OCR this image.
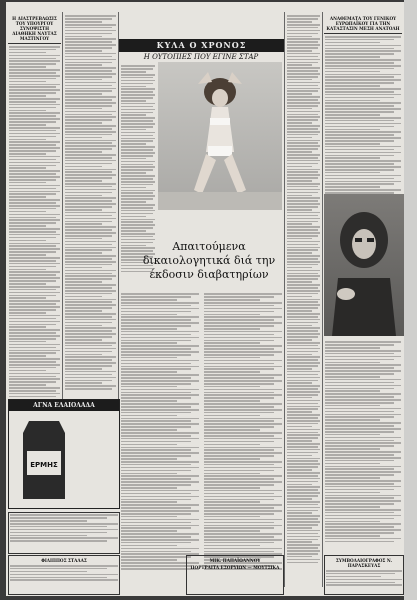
Η ΔΙΑΣΤΡΕΒΛΩΣΙΣ ΤΟΥ ΥΠΟΥΡΓΟΥ ΣΥΝΟΨΙΣΤΗ ΔΙΑΘΗΚΗ ΝΑΥΤΑΣ ΜΑΣΤΙΝΓΟΥ
ΚΥΛΑ Ο ΧΡΟΝΟΣ
Η ΟΥΤΟΠΙΕΣ ΠΟΥ ΕΓΙΝΕ ΣΤΑΡ
Απαιτούμενα δικαιολογητικά διά την έκδοσιν διαβατηρίων
ΑΝΑΘΕΜΑΤΑ ΤΟΥ ΓΕΝΙΚΟΥ ΕΥΡΩΠΑΪΚΟΥ ΓΙΑ ΤΗΝ ΚΑΤΑΣΤΑΣΙΝ ΜΕΣΗ ΑΝΑΤΟΛΗ
ΑΓΝΑ ΕΛΑΙΟΛΑΔΑ
ΕΡΜΗΣ
ΦΙΛΙΠΠΟΣ ΣΤΑΛΑΣ	ΜΙΚ. ΠΑΠΑΪΩΑΝΝΟΥ
ΠΟΡΤΡΑΙΤΑ ΕΣΟΡΥΙΩΝ — ΜΟΥΤΣΙΚΑ
ΣΥΜΒΟΛΑΙΟΓΡΑΦΟΣ Ν. ΠΑΡΑΣΚΕΥΑΣ
